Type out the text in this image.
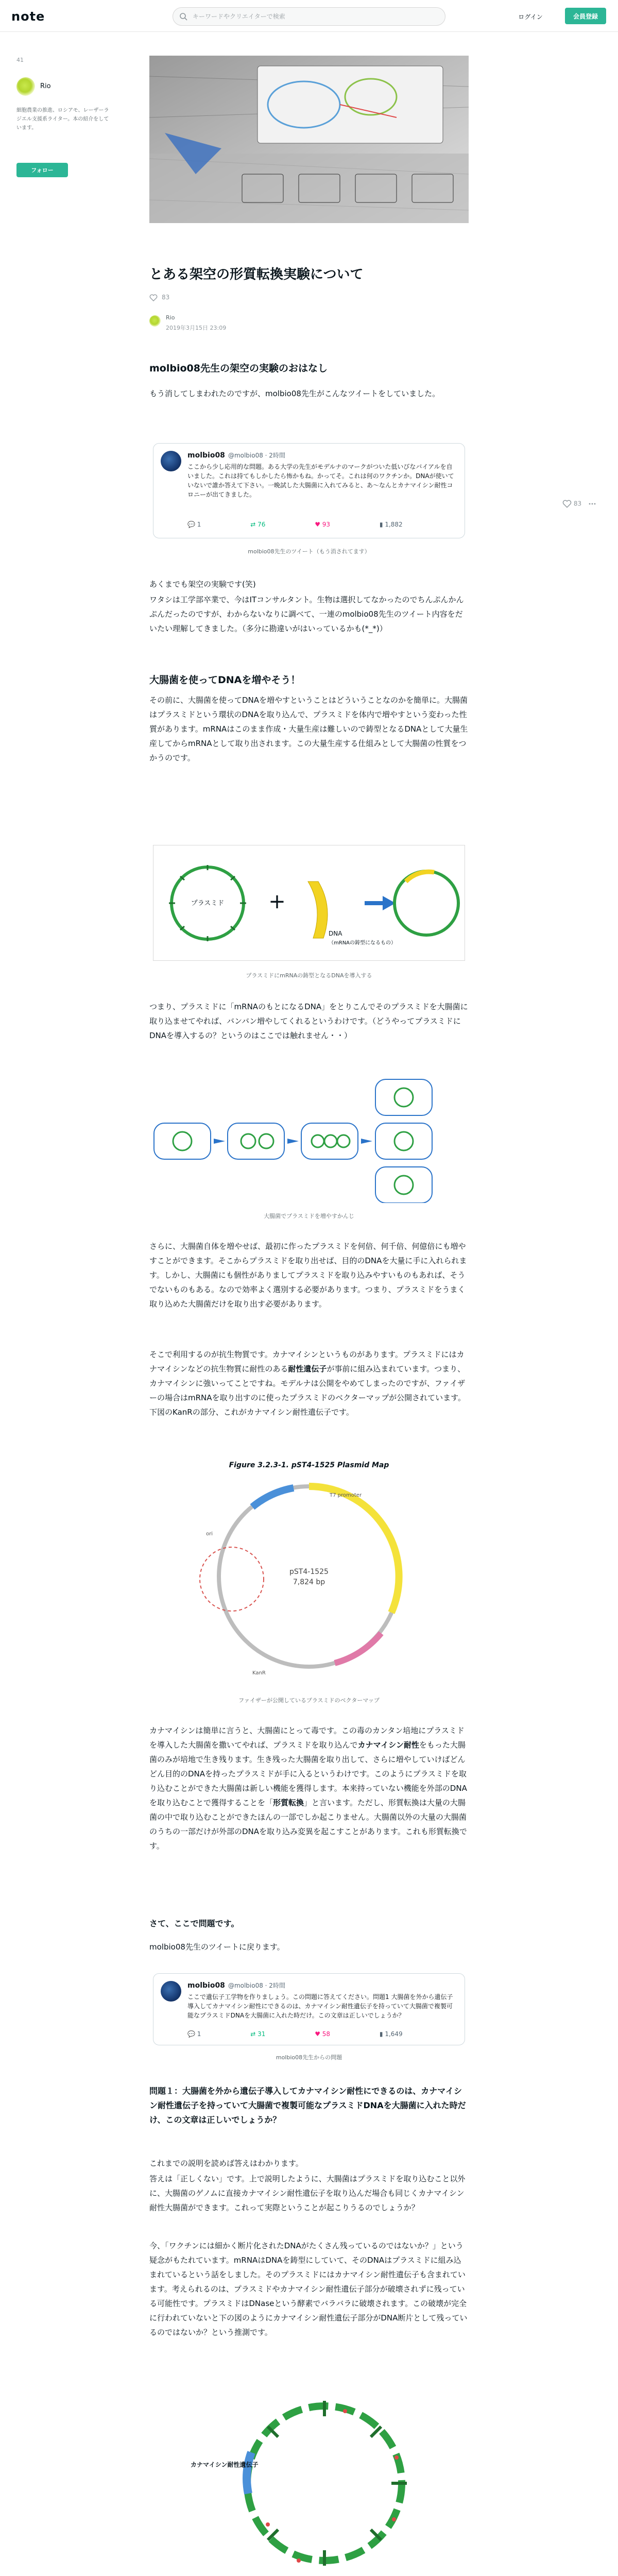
note
キーワードやクリエイターで検索	ログイン	会員登録
41
Rio
細胞農業の推進、ロシアモ、レーザーラジエル支援系ライター。本の紹介をしています。
フォロー
とある架空の形質転換実験について
83
Rio
2019年3月15日 23:09
molbio08先生の架空の実験のおはなし

もう消してしまわれたのですが、molbio08先生がこんなツイートをしていました。

molbio08 @molbio08 · 2時間
ここから少し応用的な問題。ある大学の先生がモデルナのマークがついた低いびなバイアルを自いました。これは持てもしかしたら怖かもね。かってそ。これは何のワクチンか。DNAが使いていないで誰か答えて下さい。一晩試した大腸菌に入れてみると、あ〜なんとカナマイシン耐性コロニーが出てきました。
💬 1	⇄ 76	♥ 93	▮ 1,882
molbio08先生のツイート（もう消されてます）
83

あくまでも架空の実験です(笑)

ワタシは工学部卒業で、今はITコンサルタント。生物は選択してなかったのでちんぷんかんぷんだったのですが、わからないなりに調べて、一連のmolbio08先生のツイート内容をだいたい理解してきました。（多分に勘違いがはいっているかも(*_*)）

大腸菌を使ってDNAを増やそう！

その前に、大腸菌を使ってDNAを増やすということはどういうことなのかを簡単に。大腸菌はプラスミドという環状のDNAを取り込んで、プラスミドを体内で増やすという変わった性質があります。mRNAはこのまま作成・大量生産は難しいので鋳型となるDNAとして大量生産してからmRNAとして取り出されます。この大量生産する仕組みとして大腸菌の性質をつかうのです。

プラスミド +
DNA
（mRNAの鋳型になるもの）
プラスミドにmRNAの鋳型となるDNAを導入する

つまり、プラスミドに「mRNAのもとになるDNA」をとりこんでそのプラスミドを大腸菌に取り込ませてやれば、バンバン増やしてくれるというわけです。（どうやってプラスミドにDNAを導入するの？というのはここでは触れません・・）

大腸菌でプラスミドを増やすかんじ

さらに、大腸菌自体を増やせば、最初に作ったプラスミドを何倍、何千倍、何億倍にも増やすことができます。そこからプラスミドを取り出せば、目的のDNAを大量に手に入れられます。しかし、大腸菌にも個性がありましてプラスミドを取り込みやすいものもあれば、そうでないものもある。なので効率よく選別する必要があります。つまり、プラスミドをうまく取り込めた大腸菌だけを取り出す必要があります。

そこで利用するのが抗生物質です。カナマイシンというものがあります。プラスミドにはカナマイシンなどの抗生物質に耐性のある耐性遺伝子が事前に組み込まれています。つまり、カナマイシンに強いってことですね。モデルナは公開をやめてしまったのですが、ファイザーの場合はmRNAを取り出すのに使ったプラスミドのベクターマップが公開されています。下図のKanRの部分、これがカナマイシン耐性遺伝子です。

Figure 3.2.3-1. pST4-1525 Plasmid Map
pST4-1525
7,824 bp
T7 promoter
KanR
ori
ファイザーが公開しているプラスミドのベクターマップ

カナマイシンは簡単に言うと、大腸菌にとって毒です。この毒のカンタン培地にプラスミドを導入した大腸菌を撒いてやれば、プラスミドを取り込んでカナマイシン耐性をもった大腸菌のみが培地で生き残ります。生き残った大腸菌を取り出して、さらに増やしていけばどんどん目的のDNAを持ったプラスミドが手に入るというわけです。このようにプラスミドを取り込むことができた大腸菌は新しい機能を獲得します。本来持っていない機能を外部のDNAを取り込むことで獲得することを「形質転換」と言います。ただし、形質転換は大量の大腸菌の中で取り込むことができたほんの一部でしか起こりません。大腸菌以外の大量の大腸菌のうちの一部だけが外部のDNAを取り込み変異を起こすことがあります。これも形質転換です。

さて、ここで問題です。

molbio08先生のツイートに戻ります。

molbio08 @molbio08 · 2時間
ここで遺伝子工学物を作りましょう。この問題に答えてください。問題1 大腸菌を外から遺伝子導入してカナマイシン耐性にできるのは、カナマイシン耐性遺伝子を持っていて大腸菌で複製可能なプラスミドDNAを大腸菌に入れた時だけ。この文章は正しいでしょうか？
💬 1	⇄ 31	♥ 58	▮ 1,649
molbio08先生からの問題
問題１：大腸菌を外から遺伝子導入してカナマイシン耐性にできるのは、カナマイシン耐性遺伝子を持っていて大腸菌で複製可能なプラスミドDNAを大腸菌に入れた時だけ、この文章は正しいでしょうか？

これまでの説明を読めば答えはわかります。

答えは「正しくない」です。上で説明したように、大腸菌はプラスミドを取り込むこと以外に、大腸菌のゲノムに直接カナマイシン耐性遺伝子を取り込んだ場合も同じくカナマイシン耐性大腸菌ができます。これって実際ということが起こりうるのでしょうか？

今、「ワクチンには細かく断片化されたDNAがたくさん残っているのではないか？」という疑念がもたれています。mRNAはDNAを鋳型にしていて、そのDNAはプラスミドに組み込まれているという話をしました。そのプラスミドにはカナマイシン耐性遺伝子も含まれています。考えられるのは、プラスミドやカナマイシン耐性遺伝子部分が破壊されずに残っている可能性です。プラスミドはDNaseという酵素でバラバラに破壊されます。この破壊が完全に行われていないと下の図のようにカナマイシン耐性遺伝子部分がDNA断片として残っているのではないか？という推測です。

カナマイシン耐性遺伝子
